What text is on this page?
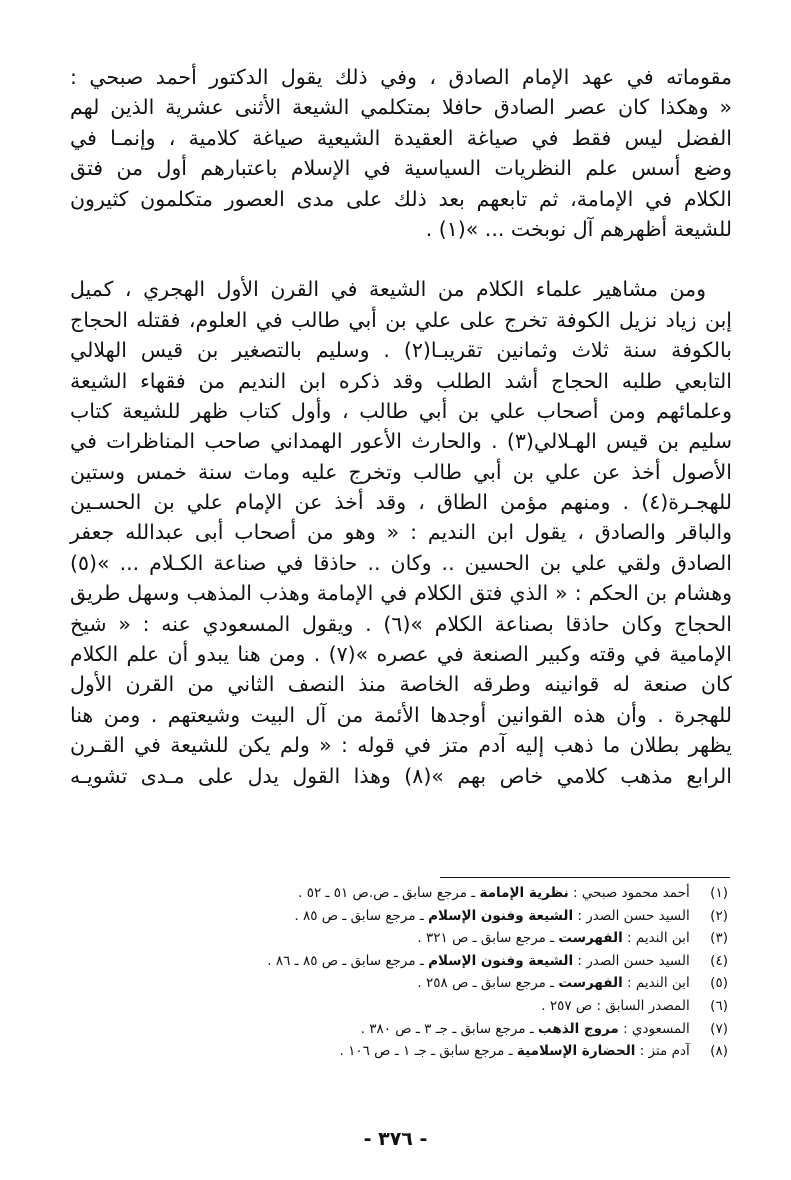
مقوماته في عهد الإمام الصادق ، وفي ذلك يقول الدكتور أحمد صبحي :
« وهكذا كان عصر الصادق حافلا بمتكلمي الشيعة الأثنى عشرية الذين لهم
الفضل ليس فقط في صياغة العقيدة الشيعية صياغة كلامية ، وإنمـا في
وضع أسس علم النظريات السياسية في الإسلام باعتبارهم أول من فتق
الكلام في الإمامة، ثم تابعهم بعد ذلك على مدى العصور متكلمون كثيرون
للشيعة أظهرهم آل نوبخت ... »(١) .
ومن مشاهير علماء الكلام من الشيعة في القرن الأول الهجري ، كميل
إبن زياد نزيل الكوفة تخرج على علي بن أبي طالب في العلوم، فقتله الحجاج
بالكوفة سنة ثلاث وثمانين تقريبـا(٢) . وسليم بالتصغير بن قيس الهلالي
التابعي طلبه الحجاج أشد الطلب وقد ذكره ابن النديم من فقهاء الشيعة
وعلمائهم ومن أصحاب علي بن أبي طالب ، وأول كتاب ظهر للشيعة كتاب
سليم بن قيس الهـلالي(٣) . والحارث الأعور الهمداني صاحب المناظرات في
الأصول أخذ عن علي بن أبي طالب وتخرج عليه ومات سنة خمس وستين
للهجـرة(٤) . ومنهم مؤمن الطاق ، وقد أخذ عن الإمام علي بن الحسـين
والباقر والصادق ، يقول ابن النديم : « وهو من أصحاب أبى عبدالله جعفر
الصادق ولقي علي بن الحسين .. وكان .. حاذقا في صناعة الكـلام ... »(٥)
وهشام بن الحكم : « الذي فتق الكلام في الإمامة وهذب المذهب وسهل طريق
الحجاج وكان حاذقا بصناعة الكلام »(٦) . ويقول المسعودي عنه : « شيخ
الإمامية في وقته وكبير الصنعة في عصره »(٧) . ومن هنا يبدو أن علم الكلام
كان صنعة له قوانينه وطرقه الخاصة منذ النصف الثاني من القرن الأول
للهجرة . وأن هذه القوانين أوجدها الأئمة من آل البيت وشيعتهم . ومن هنا
يظهر بطلان ما ذهب إليه آدم متز في قوله : « ولم يكن للشيعة في القـرن
الرابع مذهب كلامي خاص بهم »(٨) وهذا القول يدل على مـدى تشويـه
(١) أحمد محمود صبحي : نظرية الإمامة ـ مرجع سابق ـ ص.ص ٥١ ـ ٥٢ .
(٢) السيد حسن الصدر : الشيعة وفنون الإسلام ـ مرجع سابق ـ ص ٨٥ .
(٣) ابن النديم : الفهرست ـ مرجع سابق ـ ص ٣٢١ .
(٤) السيد حسن الصدر : الشيعة وفنون الإسلام ـ مرجع سابق ـ ص ٨٥ ـ ٨٦ .
(٥) ابن النديم : الفهرست ـ مرجع سابق ـ ص ٢٥٨ .
(٦) المصدر السابق : ص ٢٥٧ .
(٧) المسعودي : مروج الذهب ـ مرجع سابق ـ جـ ٣ ـ ص ٣٨٠ .
(٨) آدم متز : الحضارة الإسلامية ـ مرجع سابق ـ جـ ١ ـ ص ١٠٦ .
- ٣٧٦ -
